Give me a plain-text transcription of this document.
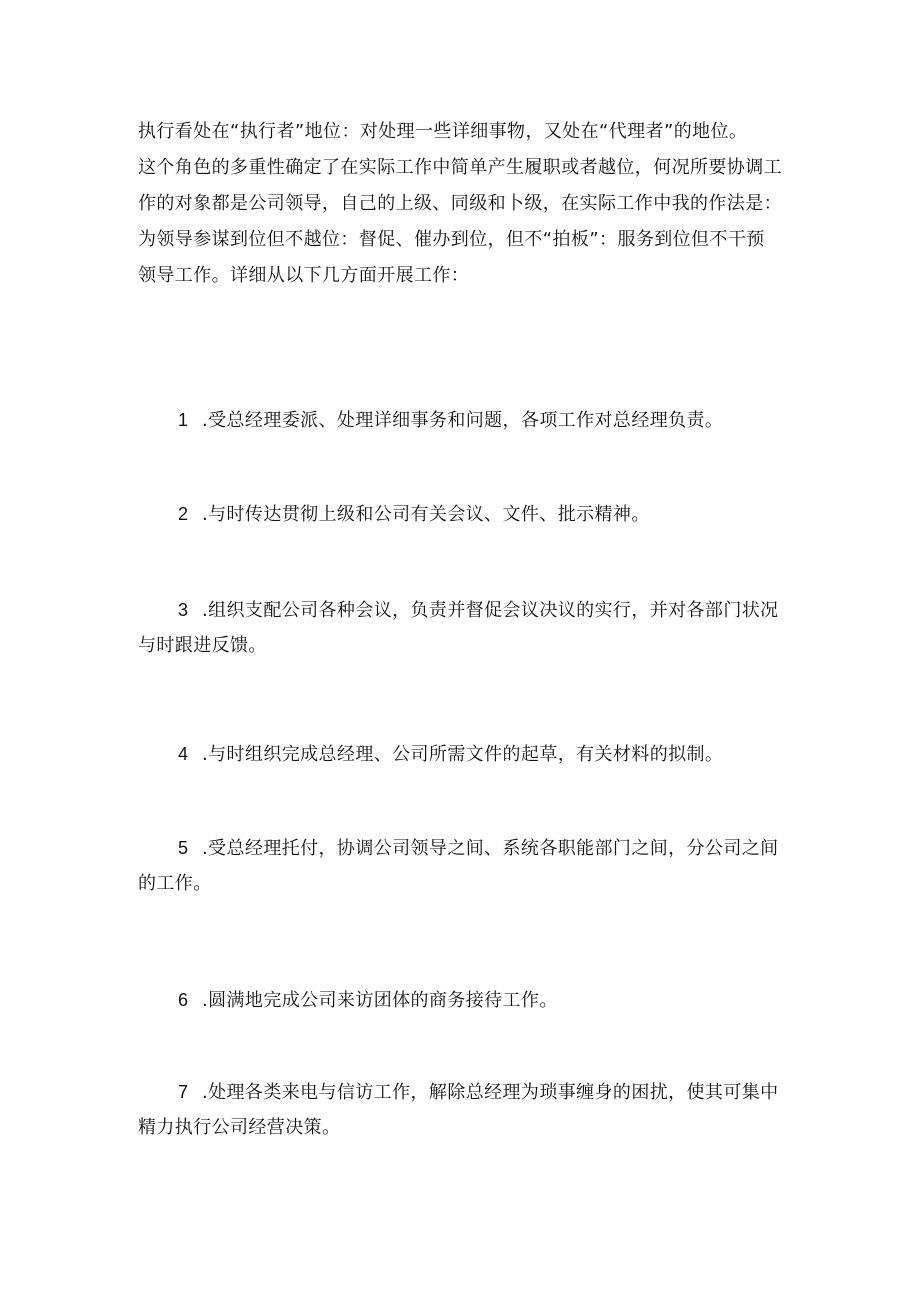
执行看处在“执行者”地位：对处理一些详细事物，又处在“代理者”的地位。

这个角色的多重性确定了在实际工作中简单产生履职或者越位，何况所要协调工

作的对象都是公司领导，自己的上级、同级和卜级，在实际工作中我的作法是：

为领导参谋到位但不越位：督促、催办到位，但不“拍板”：服务到位但不干预

领导工作。详细从以下几方面开展工作：

1 .受总经理委派、处理详细事务和问题，各项工作对总经理负责。
2 .与时传达贯彻上级和公司有关会议、文件、批示精神。
3 .组织支配公司各种会议，负责并督促会议决议的实行，并对各部门状况
与时跟进反馈。
4 .与时组织完成总经理、公司所需文件的起草，有关材料的拟制。
5 .受总经理托付，协调公司领导之间、系统各职能部门之间，分公司之间
的工作。
6 .圆满地完成公司来访团体的商务接待工作。
7 .处理各类来电与信访工作，解除总经理为琐事缠身的困扰，使其可集中
精力执行公司经营决策。
